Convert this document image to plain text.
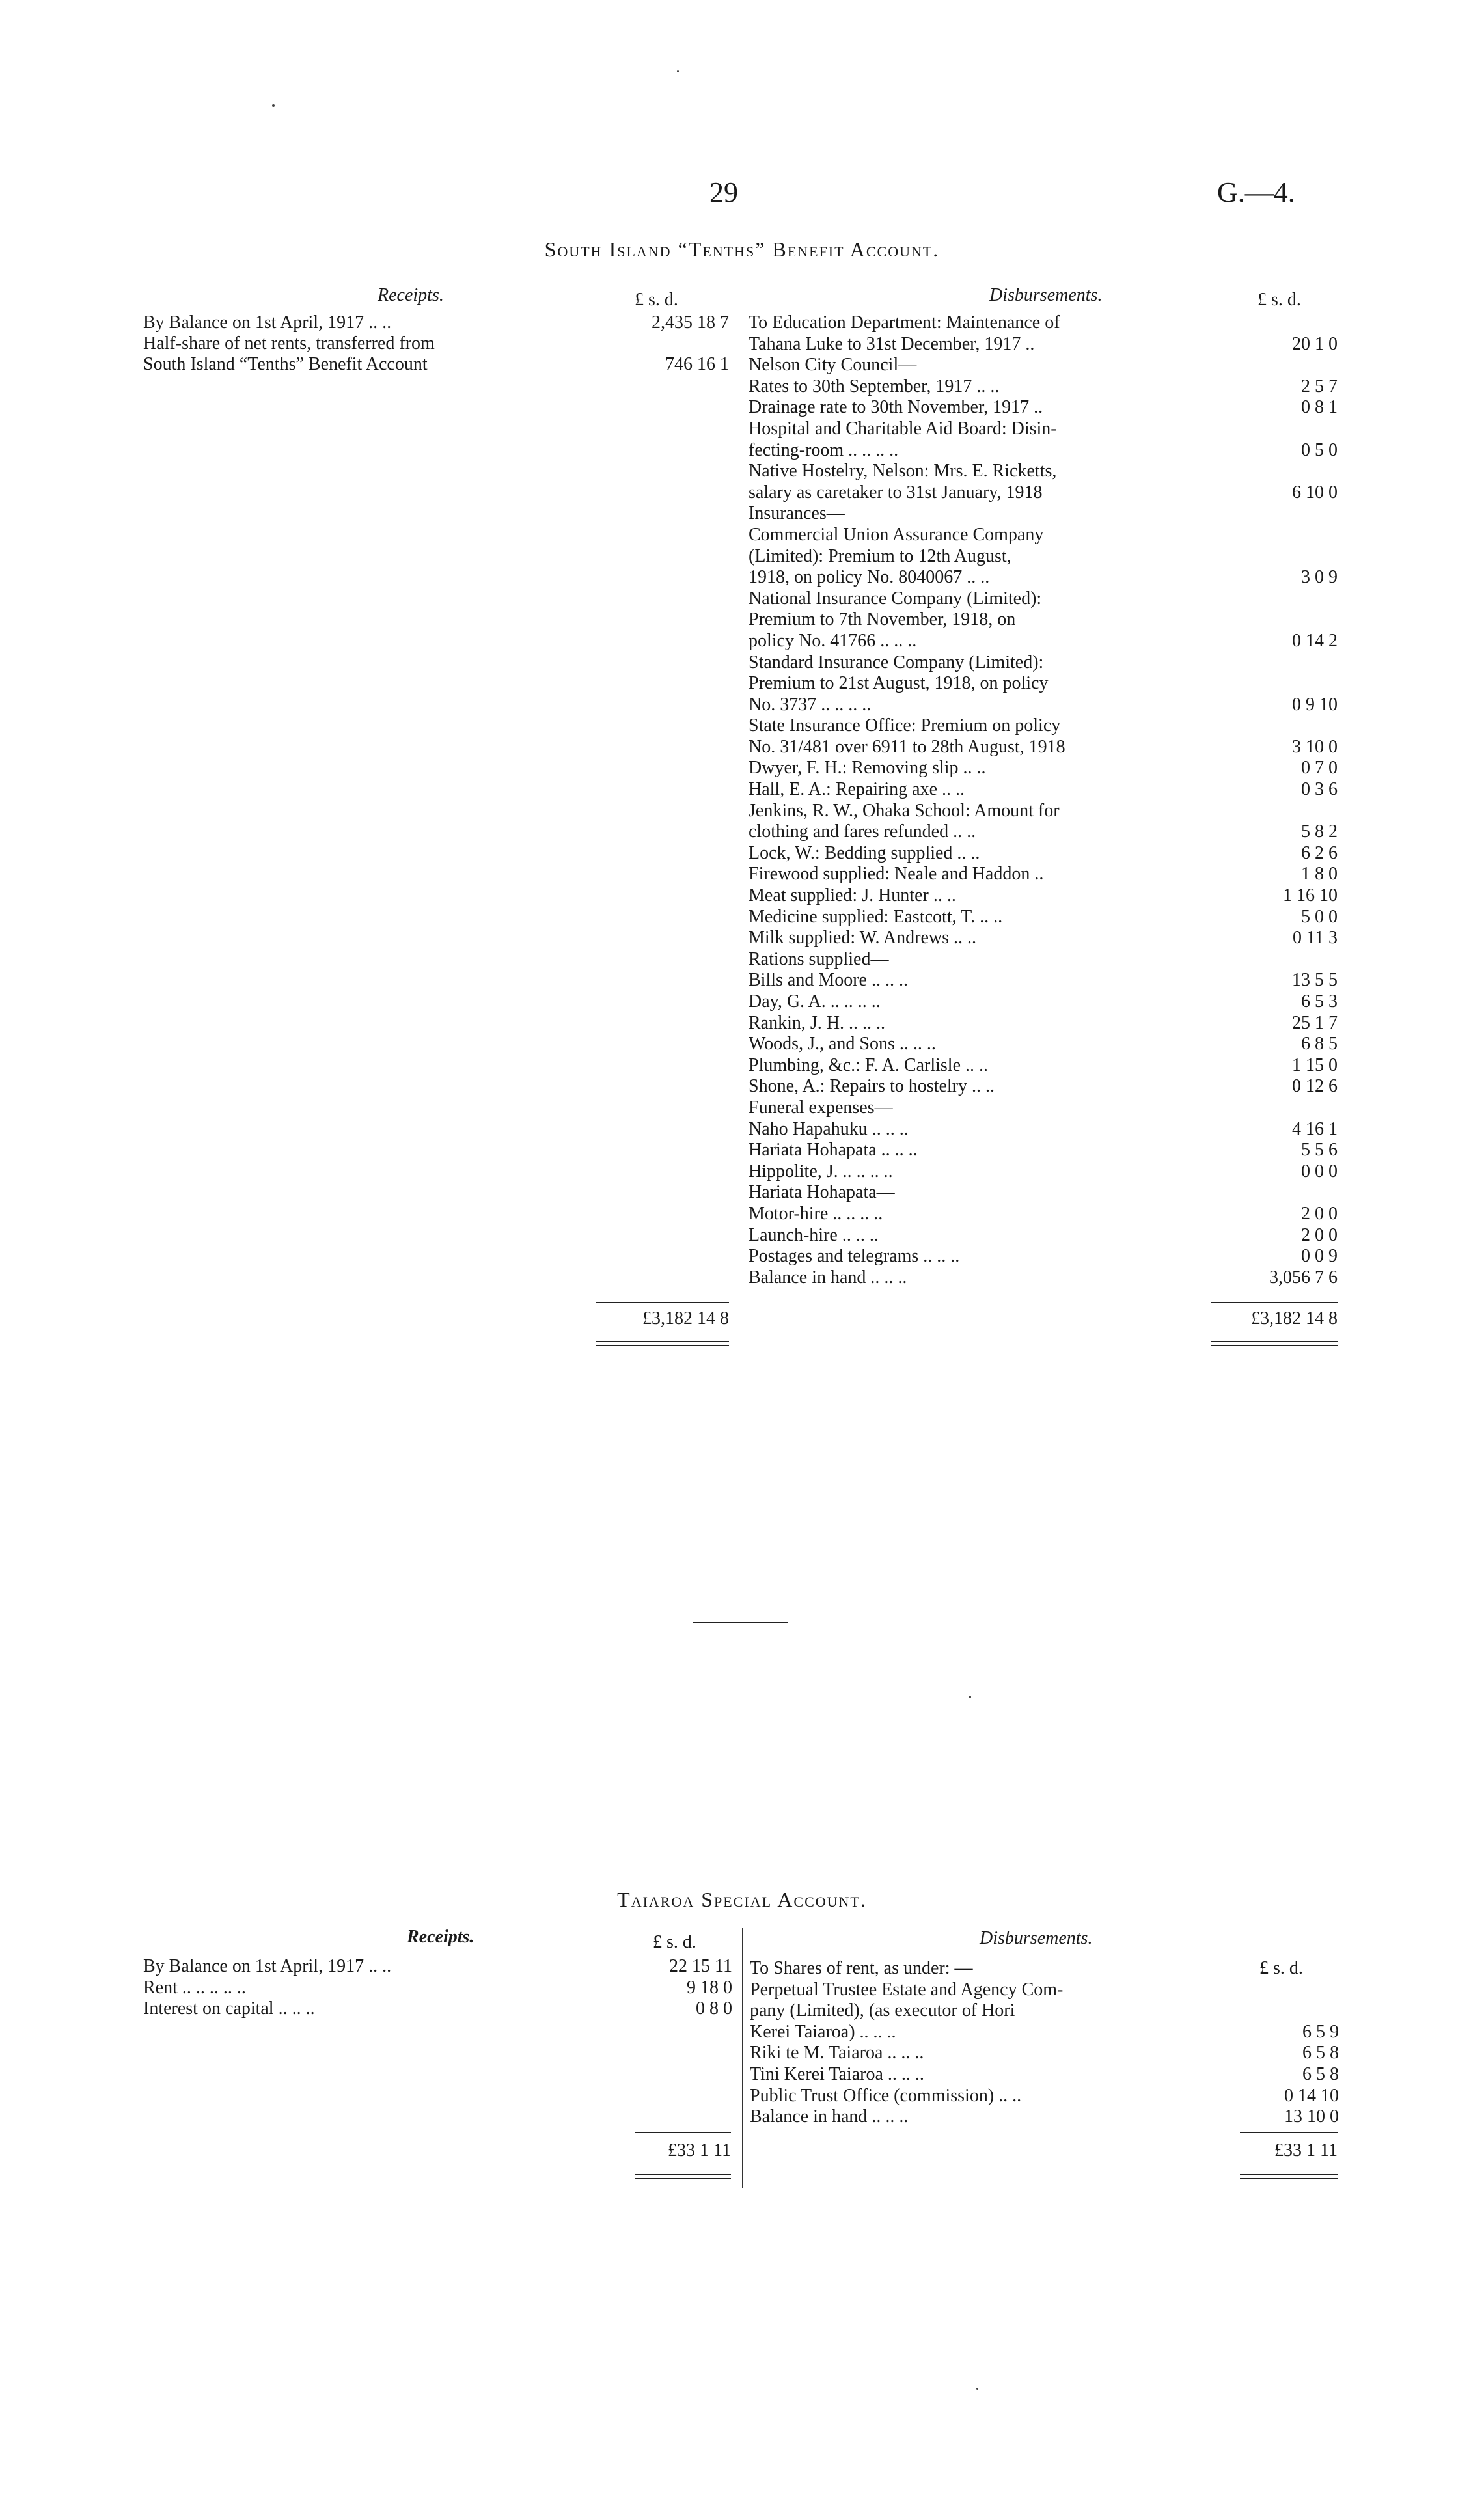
29	G.—4.
South Island “Tenths” Benefit Account.
Receipts.	£ s. d.	Disbursements.	£ s. d.
By Balance on 1st April, 1917 .. ..	2,435 18 7
Half-share of net rents, transferred from
South Island “Tenths” Benefit Account	746 16 1
To Education Department: Maintenance of
Tahana Luke to 31st December, 1917 ..	20 1 0
Nelson City Council—
Rates to 30th September, 1917 .. ..	2 5 7
Drainage rate to 30th November, 1917 ..	0 8 1
Hospital and Charitable Aid Board: Disin-
fecting-room .. .. .. ..	0 5 0
Native Hostelry, Nelson: Mrs. E. Ricketts,
salary as caretaker to 31st January, 1918	6 10 0
Insurances—
Commercial Union Assurance Company
(Limited): Premium to 12th August,
1918, on policy No. 8040067 .. ..	3 0 9
National Insurance Company (Limited):
Premium to 7th November, 1918, on
policy No. 41766 .. .. ..	0 14 2
Standard Insurance Company (Limited):
Premium to 21st August, 1918, on policy
No. 3737 .. .. .. ..	0 9 10
State Insurance Office: Premium on policy
No. 31/481 over 6911 to 28th August, 1918	3 10 0
Dwyer, F. H.: Removing slip .. ..	0 7 0
Hall, E. A.: Repairing axe .. ..	0 3 6
Jenkins, R. W., Ohaka School: Amount for
clothing and fares refunded .. ..	5 8 2
Lock, W.: Bedding supplied .. ..	6 2 6
Firewood supplied: Neale and Haddon ..	1 8 0
Meat supplied: J. Hunter .. ..	1 16 10
Medicine supplied: Eastcott, T. .. ..	5 0 0
Milk supplied: W. Andrews .. ..	0 11 3
Rations supplied—
Bills and Moore .. .. ..	13 5 5
Day, G. A. .. .. .. ..	6 5 3
Rankin, J. H. .. .. ..	25 1 7
Woods, J., and Sons .. .. ..	6 8 5
Plumbing, &c.: F. A. Carlisle .. ..	1 15 0
Shone, A.: Repairs to hostelry .. ..	0 12 6
Funeral expenses—
Naho Hapahuku .. .. ..	4 16 1
Hariata Hohapata .. .. ..	5 5 6
Hippolite, J. .. .. .. ..	0 0 0
Hariata Hohapata—
Motor-hire .. .. .. ..	2 0 0
Launch-hire .. .. ..	2 0 0
Postages and telegrams .. .. ..	0 0 9
Balance in hand .. .. ..	3,056 7 6
£3,182 14 8	£3,182 14 8
Taiaroa Special Account.
Receipts.	£ s. d.	Disbursements.
£ s. d.
By Balance on 1st April, 1917 .. ..	22 15 11
Rent .. .. .. .. ..	9 18 0
Interest on capital .. .. ..	0 8 0
To Shares of rent, as under: —
Perpetual Trustee Estate and Agency Com-
pany (Limited), (as executor of Hori
Kerei Taiaroa) .. .. ..	6 5 9
Riki te M. Taiaroa .. .. ..	6 5 8
Tini Kerei Taiaroa .. .. ..	6 5 8
Public Trust Office (commission) .. ..	0 14 10
Balance in hand .. .. ..	13 10 0
£33 1 11	£33 1 11
